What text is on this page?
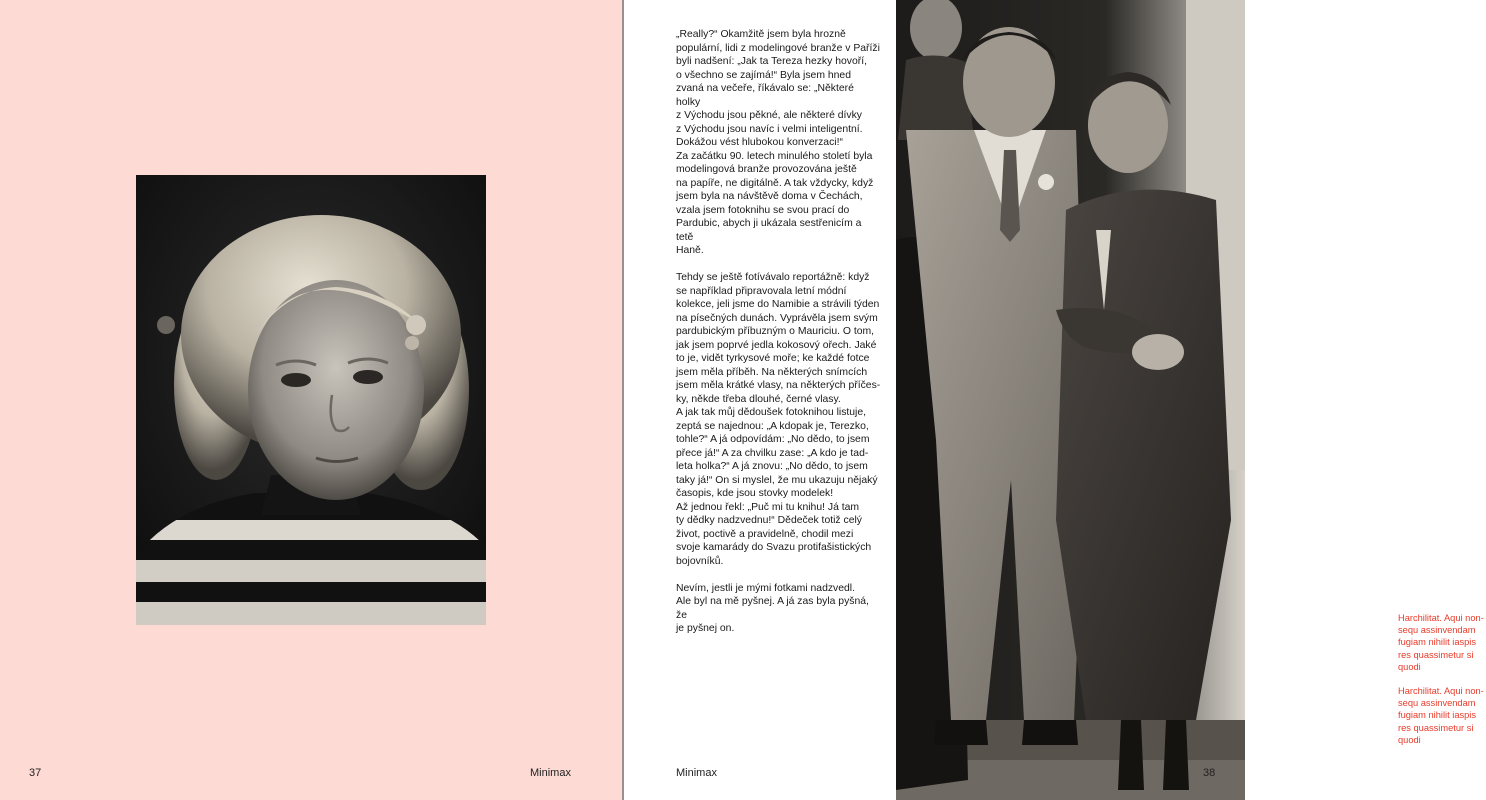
37	Minimax

„Really?“ Okamžitě jsem byla hrozně
populární, lidi z modelingové branže v Paříži
byli nadšení: „Jak ta Tereza hezky hovoří,
o všechno se zajímá!“ Byla jsem hned
zvaná na večeře, říkávalo se: „Některé holky
z Východu jsou pěkné, ale některé dívky
z Východu jsou navíc i velmi inteligentní.
Dokážou vést hlubokou konverzaci!“
Za začátku 90. letech minulého století byla
modelingová branže provozována ještě
na papíře, ne digitálně. A tak vždycky, když
jsem byla na návštěvě doma v Čechách,
vzala jsem fotoknihu se svou prací do
Pardubic, abych ji ukázala sestřenicím a tetě
Haně.

Tehdy se ještě fotívávalo reportážně: když
se například připravovala letní módní
kolekce, jeli jsme do Namibie a strávili týden
na písečných dunách. Vyprávěla jsem svým
pardubickým příbuzným o Mauriciu. O tom,
jak jsem poprvé jedla kokosový ořech. Jaké
to je, vidět tyrkysové moře; ke každé fotce
jsem měla příběh. Na některých snímcích
jsem měla krátké vlasy, na některých příčes-
ky, někde třeba dlouhé, černé vlasy.
A jak tak můj dědoušek fotoknihou listuje,
zeptá se najednou: „A kdopak je, Terezko,
tohle?“ A já odpovídám: „No dědo, to jsem
přece já!“ A za chvilku zase: „A kdo je tad-
leta holka?“ A já znovu: „No dědo, to jsem
taky já!“ On si myslel, že mu ukazuju nějaký
časopis, kde jsou stovky modelek!
Až jednou řekl: „Puč mi tu knihu! Já tam
ty dědky nadzvednu!“ Dědeček totiž celý
život, poctivě a pravidelně, chodil mezi
svoje kamarády do Svazu protifašistických
bojovníků.

Nevím, jestli je mými fotkami nadzvedl.
Ale byl na mě pyšnej. A já zas byla pyšná, že
je pyšnej on.

Harchilitat. Aqui non-sequ assinvendam fugiam nihilit iaspis res quassimetur si quodi

Harchilitat. Aqui non-sequ assinvendam fugiam nihilit iaspis res quassimetur si quodi

Minimax	38
